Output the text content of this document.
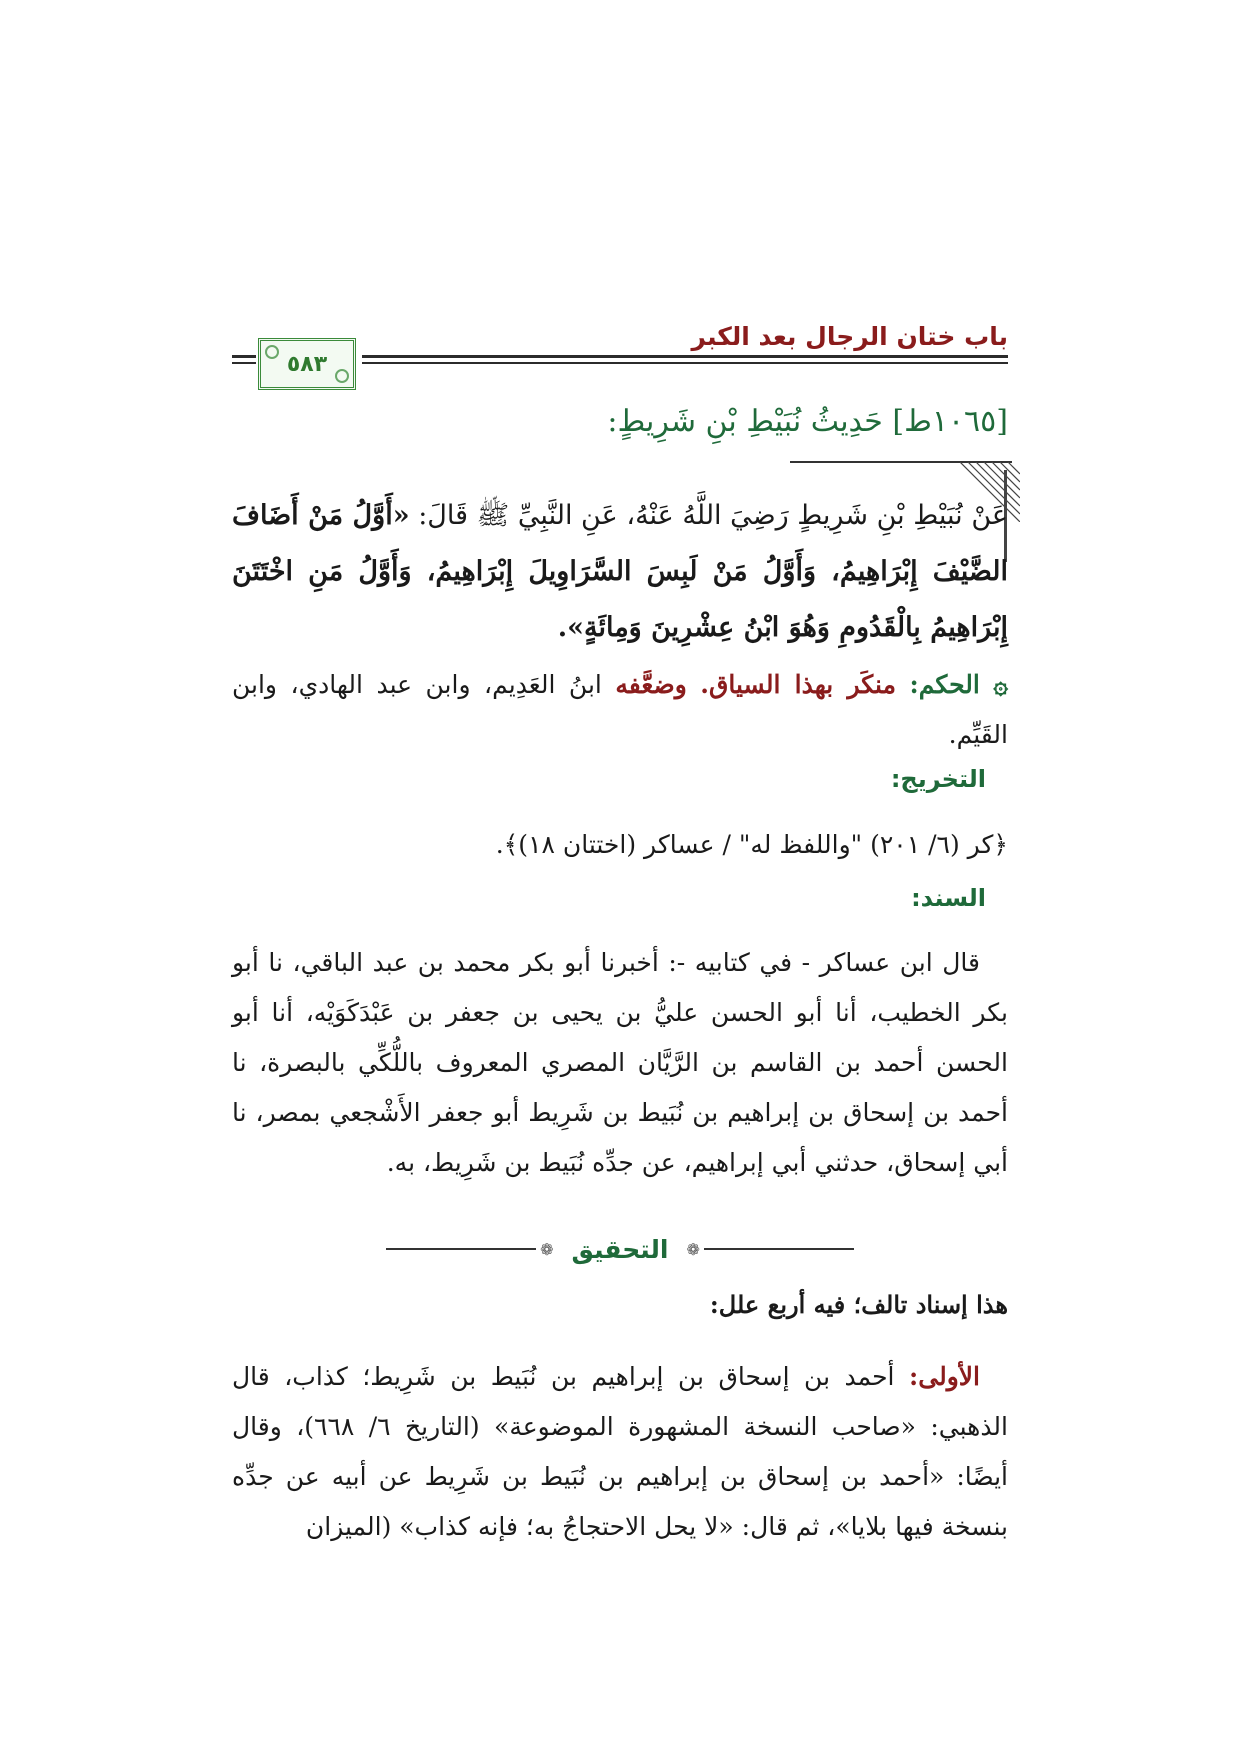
باب ختان الرجال بعد الكبر
٥٨٣
[١٠٦٥ط] حَدِيثُ نُبَيْطِ بْنِ شَرِيطٍ:
عَنْ نُبَيْطِ بْنِ شَرِيطٍ رَضِيَ اللَّهُ عَنْهُ، عَنِ النَّبِيِّ ﷺ قَالَ: «أَوَّلُ مَنْ أَضَافَ الضَّيْفَ إِبْرَاهِيمُ، وَأَوَّلُ مَنْ لَبِسَ السَّرَاوِيلَ إِبْرَاهِيمُ، وَأَوَّلُ مَنِ اخْتَتَنَ إِبْرَاهِيمُ بِالْقَدُومِ وَهُوَ ابْنُ عِشْرِينَ وَمِائَةٍ».
۞ الحكم: منكَر بهذا السياق. وضعَّفه ابنُ العَدِيم، وابن عبد الهادي، وابن القَيِّم.
التخريج:
﴿كر (٦/ ٢٠١) "واللفظ له" / عساكر (اختتان ١٨)﴾.
السند:
قال ابن عساكر - في كتابيه -: أخبرنا أبو بكر محمد بن عبد الباقي، نا أبو بكر الخطيب، أنا أبو الحسن عليُّ بن يحيى بن جعفر بن عَبْدَكَوَيْه، أنا أبو الحسن أحمد بن القاسم بن الرَّيَّان المصري المعروف باللُّكِّي بالبصرة، نا أحمد بن إسحاق بن إبراهيم بن نُبَيط بن شَرِيط أبو جعفر الأَشْجعي بمصر، نا أبي إسحاق، حدثني أبي إبراهيم، عن جدِّه نُبَيط بن شَرِيط، به.
❁
التحقيق
❁
هذا إسناد تالف؛ فيه أربع علل:
الأولى: أحمد بن إسحاق بن إبراهيم بن نُبَيط بن شَرِيط؛ كذاب، قال الذهبي: «صاحب النسخة المشهورة الموضوعة» (التاريخ ٦/ ٦٦٨)، وقال أيضًا: «أحمد بن إسحاق بن إبراهيم بن نُبَيط بن شَرِيط عن أبيه عن جدِّه بنسخة فيها بلايا»، ثم قال: «لا يحل الاحتجاجُ به؛ فإنه كذاب» (الميزان
